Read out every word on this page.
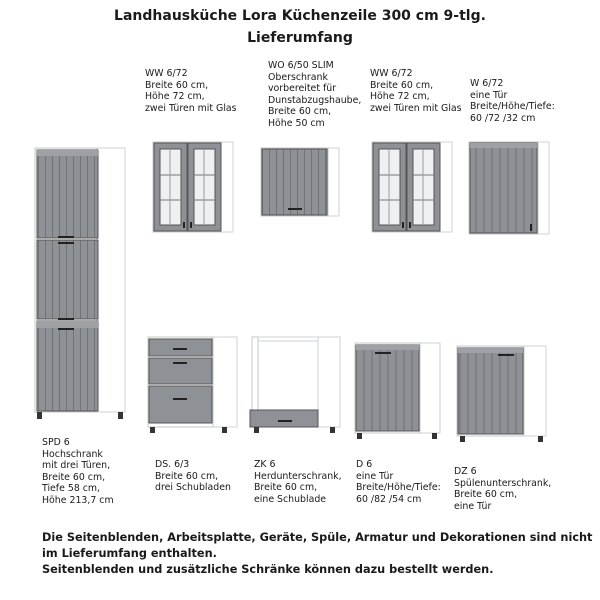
Landhausküche Lora Küchenzeile 300 cm 9-tlg.
Lieferumfang
WW 6/72
Breite 60 cm,
Höhe 72 cm,
zwei Türen mit Glas
WO 6/50 SLIM
Oberschrank
vorbereitet für
Dunstabzugshaube,
Breite 60 cm,
Höhe 50 cm
WW 6/72
Breite 60 cm,
Höhe 72 cm,
zwei Türen mit Glas
W 6/72
eine Tür
Breite/Höhe/Tiefe:
60 /72 /32 cm
SPD 6
Hochschrank
mit drei Türen,
Breite 60 cm,
Tiefe 58 cm,
Höhe 213,7 cm
DS. 6/3
Breite 60 cm,
drei Schubladen
ZK 6
Herdunterschrank,
Breite 60 cm,
eine Schublade
D 6
eine Tür
Breite/Höhe/Tiefe:
60 /82 /54 cm
DZ 6
Spülenunterschrank,
Breite 60 cm,
eine Tür
Die Seitenblenden, Arbeitsplatte, Geräte, Spüle, Armatur und Dekorationen sind nicht
im Lieferumfang enthalten.
Seitenblenden und zusätzliche Schränke können dazu bestellt werden.
